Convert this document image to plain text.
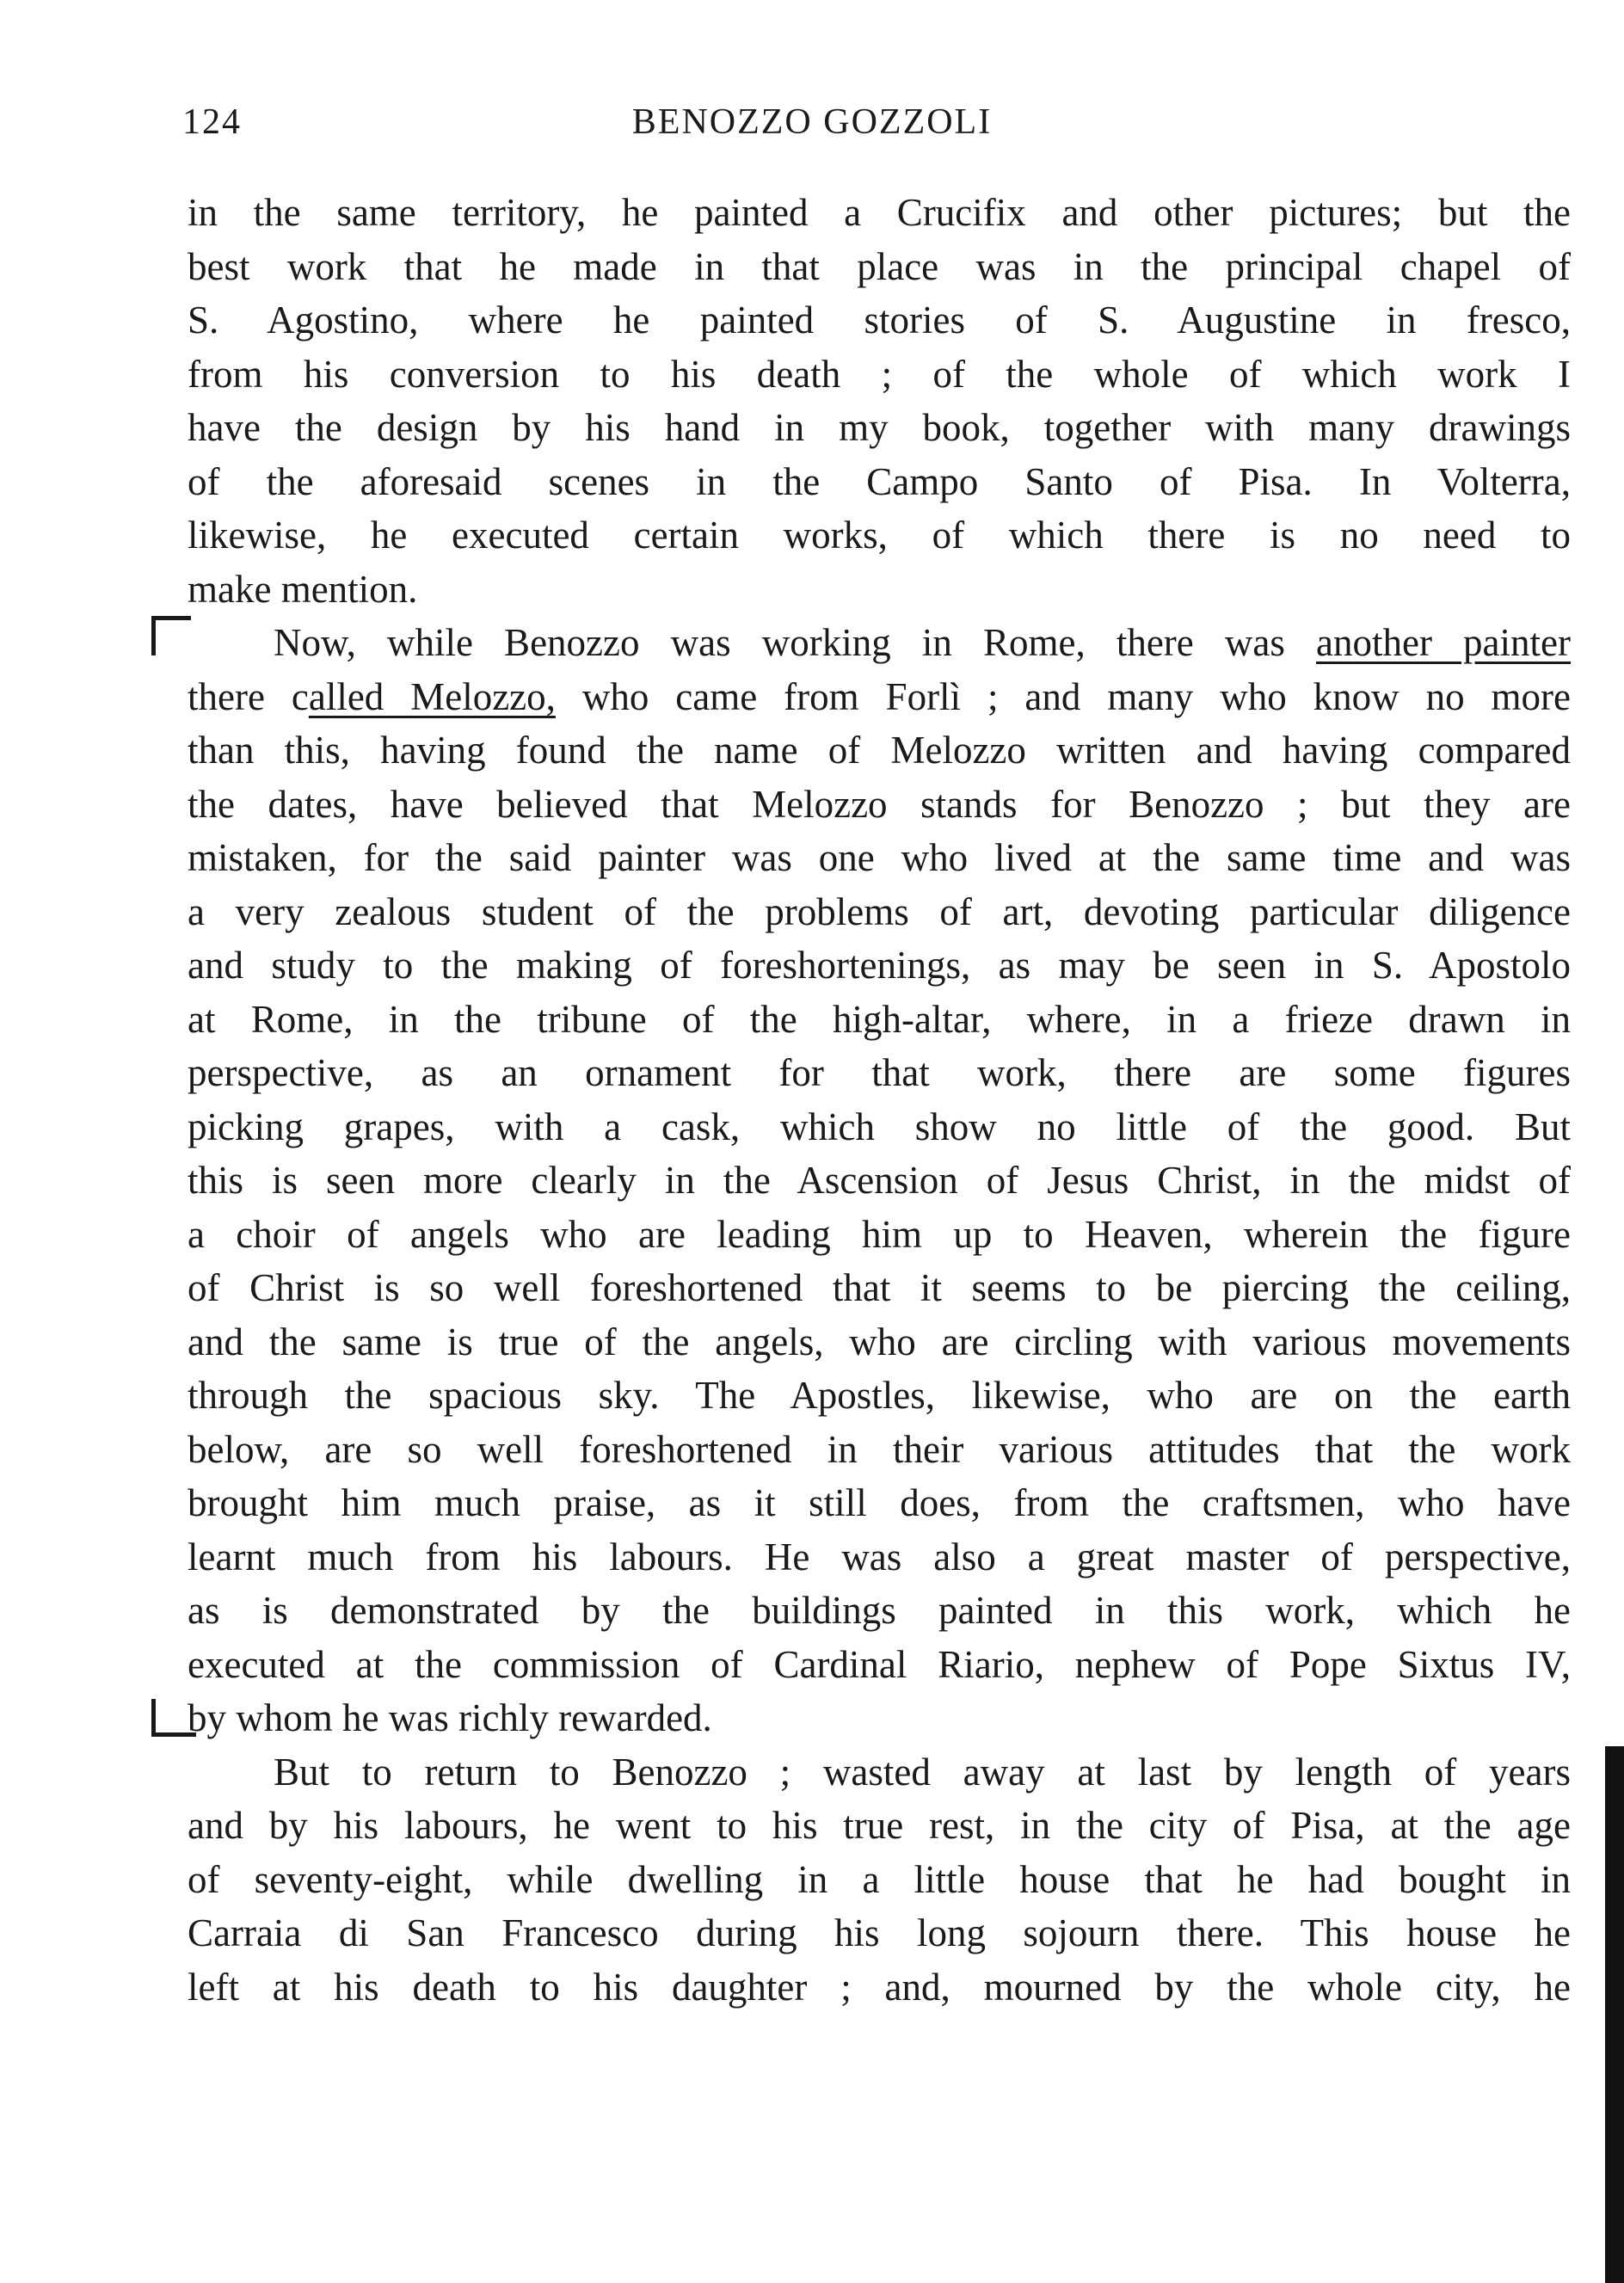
124	BENOZZO GOZZOLI
in the same territory, he painted a Crucifix and other pictures; but the
best work that he made in that place was in the principal chapel of
S. Agostino, where he painted stories of S. Augustine in fresco,
from his conversion to his death ; of the whole of which work I
have the design by his hand in my book, together with many drawings
of the aforesaid scenes in the Campo Santo of Pisa. In Volterra,
likewise, he executed certain works, of which there is no need to
make mention.
Now, while Benozzo was working in Rome, there was another painter
there called Melozzo, who came from Forlì ; and many who know no more
than this, having found the name of Melozzo written and having compared
the dates, have believed that Melozzo stands for Benozzo ; but they are
mistaken, for the said painter was one who lived at the same time and was
a very zealous student of the problems of art, devoting particular diligence
and study to the making of foreshortenings, as may be seen in S. Apostolo
at Rome, in the tribune of the high-altar, where, in a frieze drawn in
perspective, as an ornament for that work, there are some figures
picking grapes, with a cask, which show no little of the good. But
this is seen more clearly in the Ascension of Jesus Christ, in the midst of
a choir of angels who are leading him up to Heaven, wherein the figure
of Christ is so well foreshortened that it seems to be piercing the ceiling,
and the same is true of the angels, who are circling with various movements
through the spacious sky. The Apostles, likewise, who are on the earth
below, are so well foreshortened in their various attitudes that the work
brought him much praise, as it still does, from the craftsmen, who have
learnt much from his labours. He was also a great master of perspective,
as is demonstrated by the buildings painted in this work, which he
executed at the commission of Cardinal Riario, nephew of Pope Sixtus IV,
by whom he was richly rewarded.
But to return to Benozzo ; wasted away at last by length of years
and by his labours, he went to his true rest, in the city of Pisa, at the age
of seventy-eight, while dwelling in a little house that he had bought in
Carraia di San Francesco during his long sojourn there. This house he
left at his death to his daughter ; and, mourned by the whole city, he
